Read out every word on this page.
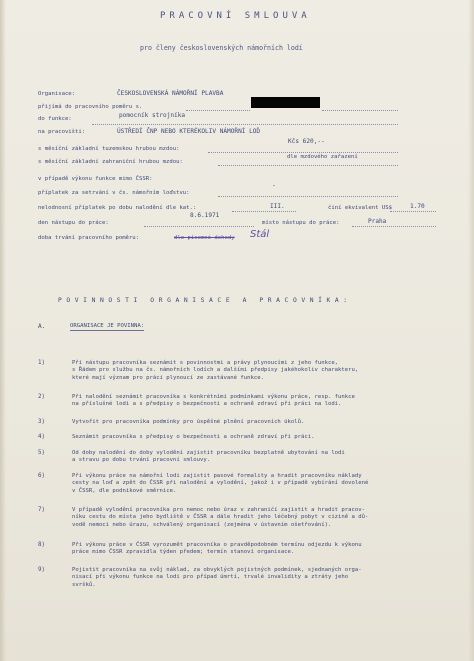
PRACOVNÍ SMLOUVA
pro členy československých námořních lodí
Organisace:	ČESKOSLOVENSKÁ NÁMOŘNÍ PLAVBA
přijímá do pracovního poměru s.
do funkce:	pomocník strojníka
na pracovišti:	ÚSTŘEDÍ ČNP NEBO KTERÉKOLIV NÁMOŘNÍ LOĎ
s měsíční základní tuzemskou hrubou mzdou:
Kčs 620,--
s měsíční základní zahraniční hrubou mzdou:
dle mzdového zařazení
v případě výkonu funkce mimo ČSSR:
příplatek za setrvání v čs. námořním loďstvu:
-
nelodnosní příplatek po dobu nalodění dle kat.:	III.	činí ekvivalent US$	1.70
den nástupu do práce:
8.6.1971
místo nástupu do práce:	Praha
doba trvání pracovního poměru:	dle písemné dohody Stál
POVINNOSTI ORGANISACE A PRACOVNÍKA:
A.	ORGANISACE JE POVINNA:
1)	Při nástupu pracovníka seznámit s povinnostmi a právy plynoucími z jeho funkce,
s Řádem pro službu na čs. námořních lodích a dalšími předpisy jakéhokoliv charakteru,
které mají význam pro práci plynoucí ze zastávané funkce.
2)	Při nalodění seznámit pracovníka s konkrétními podmínkami výkonu práce, resp. funkce
na příslušné lodi a s předpisy o bezpečnosti a ochraně zdraví při práci na lodi.
3)	Vytvořit pro pracovníka podmínky pro úspěšné plnění pracovních úkolů.
4)	Seznámit pracovníka s předpisy o bezpečnosti a ochraně zdraví při práci.
5)	Od doby nalodění do doby vylodění zajistit pracovníku bezplatně ubytování na lodi
a stravu po dobu trvání pracovní smlouvy.
6)	Při výkonu práce na námořní lodi zajistit pasové formality a hradit pracovníku náklady
cesty na loď a zpět do ČSSR při nalodění a vylodění, jakož i v případě vybírání dovolené
v ČSSR, dle podnikové směrnice.
7)	V případě vylodění pracovníka pro nemoc nebo úraz v zahraničí zajistit a hradit pracov-
níku cestu do místa jeho bydliště v ČSSR a dále hradit jeho léčebný pobyt v cizině a dů-
vodě nemoci nebo úrazu, schválený organisací (zejména v ústavním ošetřování).
8)	Při výkonu práce v ČSSR vyrozumět pracovníka o pravděpodobném termínu odjezdu k výkonu
práce mimo ČSSR zpravidla týden předem; termín stanoví organisace.
9)	Pojistit pracovníka na svůj náklad, za obvyklých pojistných podmínek, sjednaných orga-
nisací při výkonu funkce na lodi pro případ úmrtí, trvalé invalidity a ztráty jeho
svršků.
